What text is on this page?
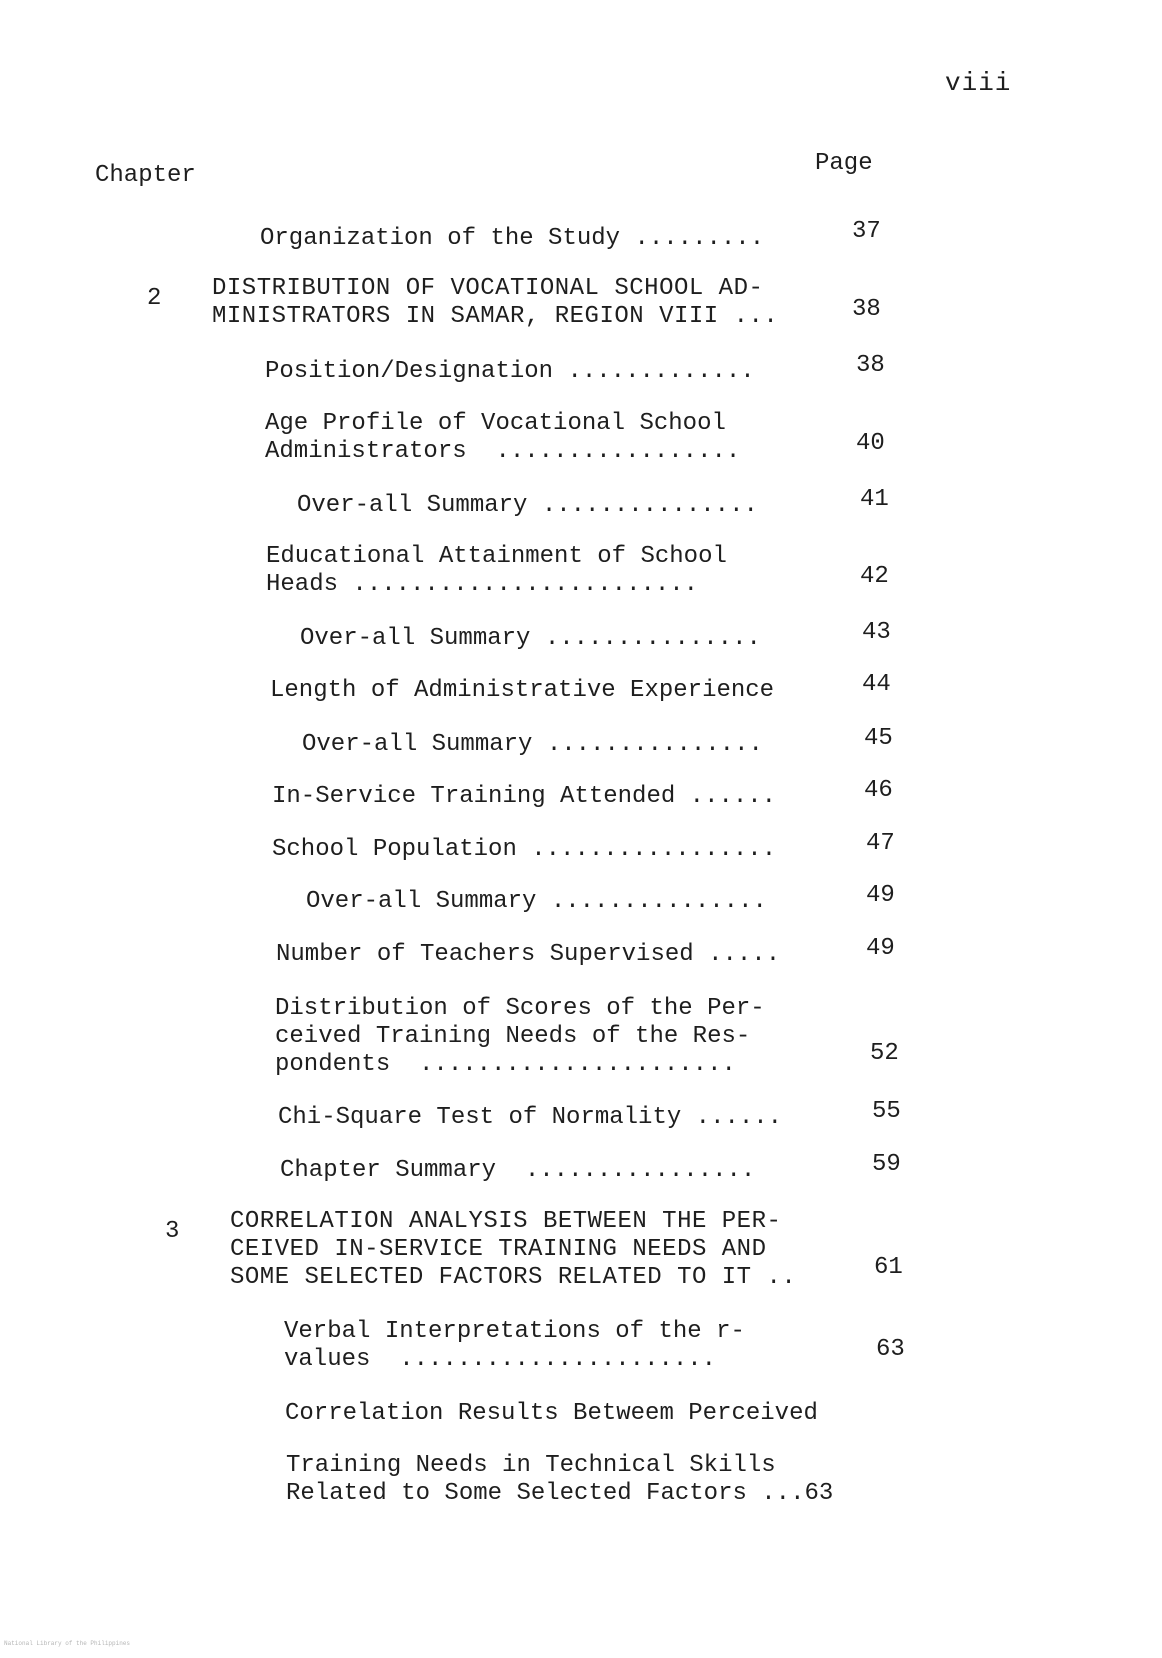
viii
Chapter	Page
Organization of the Study .........	37
2 DISTRIBUTION OF VOCATIONAL SCHOOL AD-
MINISTRATORS IN SAMAR, REGION VIII ...	38
Position/Designation .............	38
Age Profile of Vocational School
Administrators .................	40
Over-all Summary ...............	41
Educational Attainment of School
Heads ........................	42
Over-all Summary ...............	43
Length of Administrative Experience	44
Over-all Summary ...............	45
In-Service Training Attended ......	46
School Population .................	47
Over-all Summary ...............	49
Number of Teachers Supervised .....	49
Distribution of Scores of the Per-
ceived Training Needs of the Res-
pondents ......................	52
Chi-Square Test of Normality ......	55
Chapter Summary ................	59
3 CORRELATION ANALYSIS BETWEEN THE PER-
CEIVED IN-SERVICE TRAINING NEEDS AND
SOME SELECTED FACTORS RELATED TO IT ..	61
Verbal Interpretations of the r-
values ......................	63
Correlation Results Betweem Perceived
Training Needs in Technical Skills
Related to Some Selected Factors ...63
National Library of the Philippines
